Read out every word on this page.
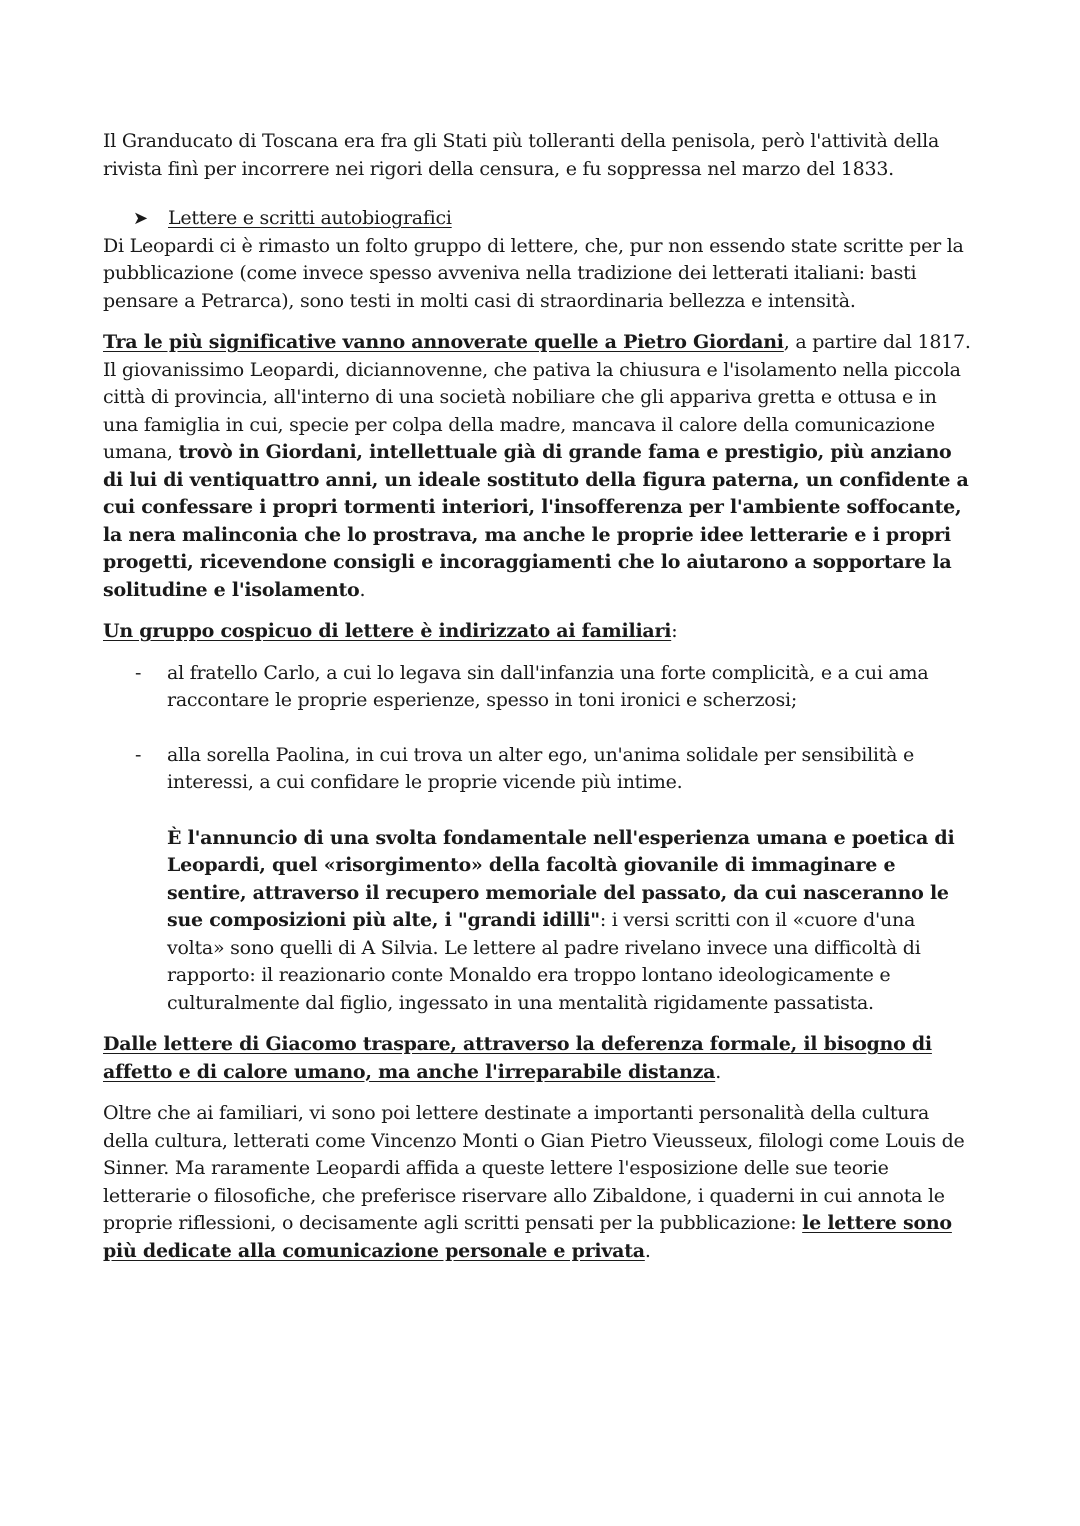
Il Granducato di Toscana era fra gli Stati più tolleranti della penisola, però l'attività della rivista finì per incorrere nei rigori della censura, e fu soppressa nel marzo del 1833.

➤	Lettere e scritti autobiografici

Di Leopardi ci è rimasto un folto gruppo di lettere, che, pur non essendo state scritte per la pubblicazione (come invece spesso avveniva nella tradizione dei letterati italiani: basti pensare a Petrarca), sono testi in molti casi di straordinaria bellezza e intensità.

Tra le più significative vanno annoverate quelle a Pietro Giordani, a partire dal 1817. Il giovanissimo Leopardi, diciannovenne, che pativa la chiusura e l'isolamento nella piccola città di provincia, all'interno di una società nobiliare che gli appariva gretta e ottusa e in una famiglia in cui, specie per colpa della madre, mancava il calore della comunicazione umana, trovò in Giordani, intellettuale già di grande fama e prestigio, più anziano di lui di ventiquattro anni, un ideale sostituto della figura paterna, un confidente a cui confessare i propri tormenti interiori, l'insofferenza per l'ambiente soffocante, la nera malinconia che lo prostrava, ma anche le proprie idee letterarie e i propri progetti, ricevendone consigli e incoraggiamenti che lo aiutarono a sopportare la solitudine e l'isolamento.

Un gruppo cospicuo di lettere è indirizzato ai familiari:

-	al fratello Carlo, a cui lo legava sin dall'infanzia una forte complicità, e a cui ama raccontare le proprie esperienze, spesso in toni ironici e scherzosi;
-	alla sorella Paolina, in cui trova un alter ego, un'anima solidale per sensibilità e interessi, a cui confidare le proprie vicende più intime.

È l'annuncio di una svolta fondamentale nell'esperienza umana e poetica di Leopardi, quel «risorgimento» della facoltà giovanile di immaginare e sentire, attraverso il recupero memoriale del passato, da cui nasceranno le sue composizioni più alte, i "grandi idilli": i versi scritti con il «cuore d'una volta» sono quelli di A Silvia. Le lettere al padre rivelano invece una difficoltà di rapporto: il reazionario conte Monaldo era troppo lontano ideologicamente e culturalmente dal figlio, ingessato in una mentalità rigidamente passatista.

Dalle lettere di Giacomo traspare, attraverso la deferenza formale, il bisogno di affetto e di calore umano, ma anche l'irreparabile distanza.

Oltre che ai familiari, vi sono poi lettere destinate a importanti personalità della cultura della cultura, letterati come Vincenzo Monti o Gian Pietro Vieusseux, filologi come Louis de Sinner. Ma raramente Leopardi affida a queste lettere l'esposizione delle sue teorie letterarie o filosofiche, che preferisce riservare allo Zibaldone, i quaderni in cui annota le proprie riflessioni, o decisamente agli scritti pensati per la pubblicazione: le lettere sono più dedicate alla comunicazione personale e privata.
